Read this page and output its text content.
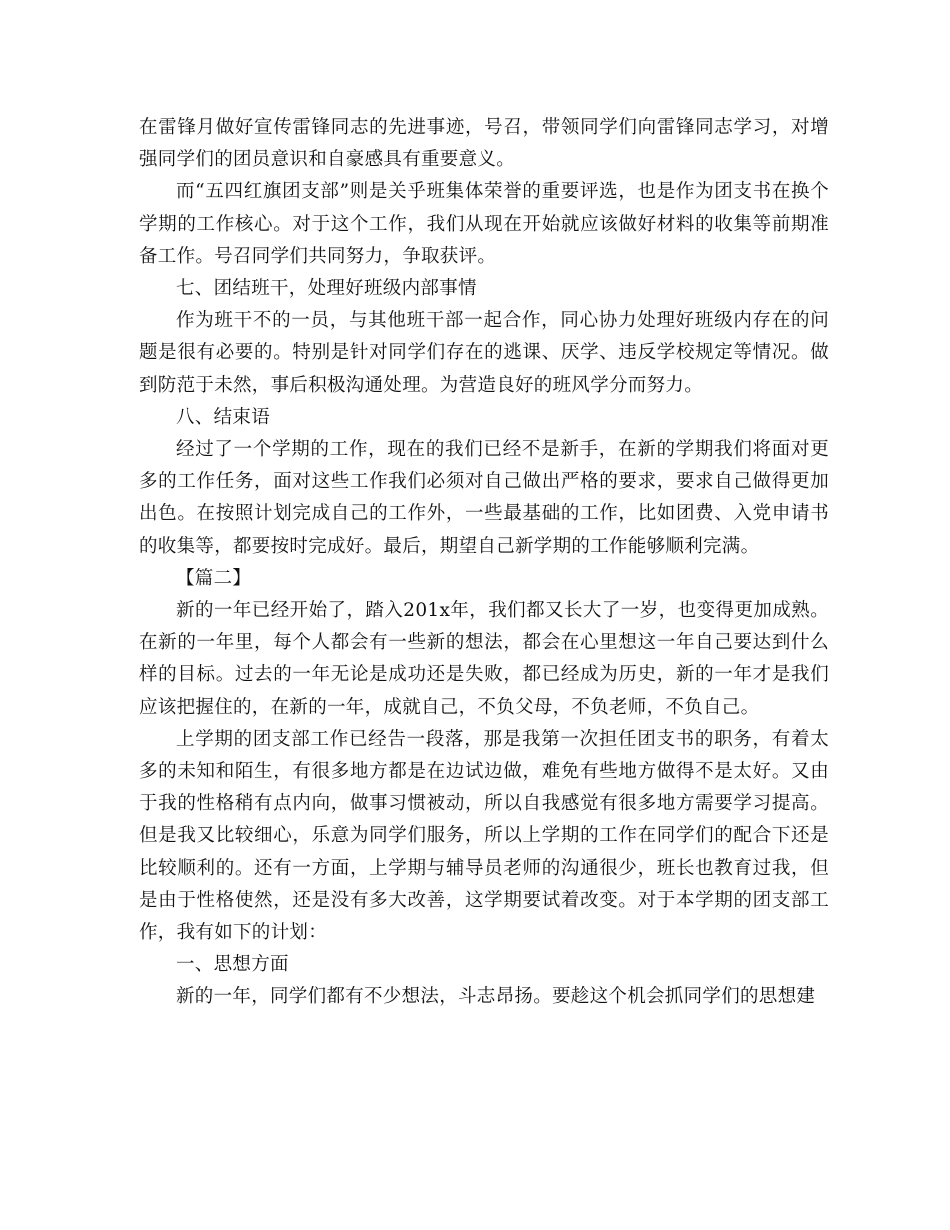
在雷锋月做好宣传雷锋同志的先进事迹，号召，带领同学们向雷锋同志学习，对增强同学们的团员意识和自豪感具有重要意义。

而“五四红旗团支部”则是关乎班集体荣誉的重要评选，也是作为团支书在换个学期的工作核心。对于这个工作，我们从现在开始就应该做好材料的收集等前期准备工作。号召同学们共同努力，争取获评。

七、团结班干，处理好班级内部事情

作为班干不的一员，与其他班干部一起合作，同心协力处理好班级内存在的问题是很有必要的。特别是针对同学们存在的逃课、厌学、违反学校规定等情况。做到防范于未然，事后积极沟通处理。为营造良好的班风学分而努力。

八、结束语

经过了一个学期的工作，现在的我们已经不是新手，在新的学期我们将面对更多的工作任务，面对这些工作我们必须对自己做出严格的要求，要求自己做得更加出色。在按照计划完成自己的工作外，一些最基础的工作，比如团费、入党申请书的收集等，都要按时完成好。最后，期望自己新学期的工作能够顺利完满。

【篇二】

新的一年已经开始了，踏入201x年，我们都又长大了一岁，也变得更加成熟。在新的一年里，每个人都会有一些新的想法，都会在心里想这一年自己要达到什么样的目标。过去的一年无论是成功还是失败，都已经成为历史，新的一年才是我们应该把握住的，在新的一年，成就自己，不负父母，不负老师，不负自己。

上学期的团支部工作已经告一段落，那是我第一次担任团支书的职务，有着太多的未知和陌生，有很多地方都是在边试边做，难免有些地方做得不是太好。又由于我的性格稍有点内向，做事习惯被动，所以自我感觉有很多地方需要学习提高。但是我又比较细心，乐意为同学们服务，所以上学期的工作在同学们的配合下还是比较顺利的。还有一方面，上学期与辅导员老师的沟通很少，班长也教育过我，但是由于性格使然，还是没有多大改善，这学期要试着改变。对于本学期的团支部工作，我有如下的计划：

一、思想方面

新的一年，同学们都有不少想法，斗志昂扬。要趁这个机会抓同学们的思想建
